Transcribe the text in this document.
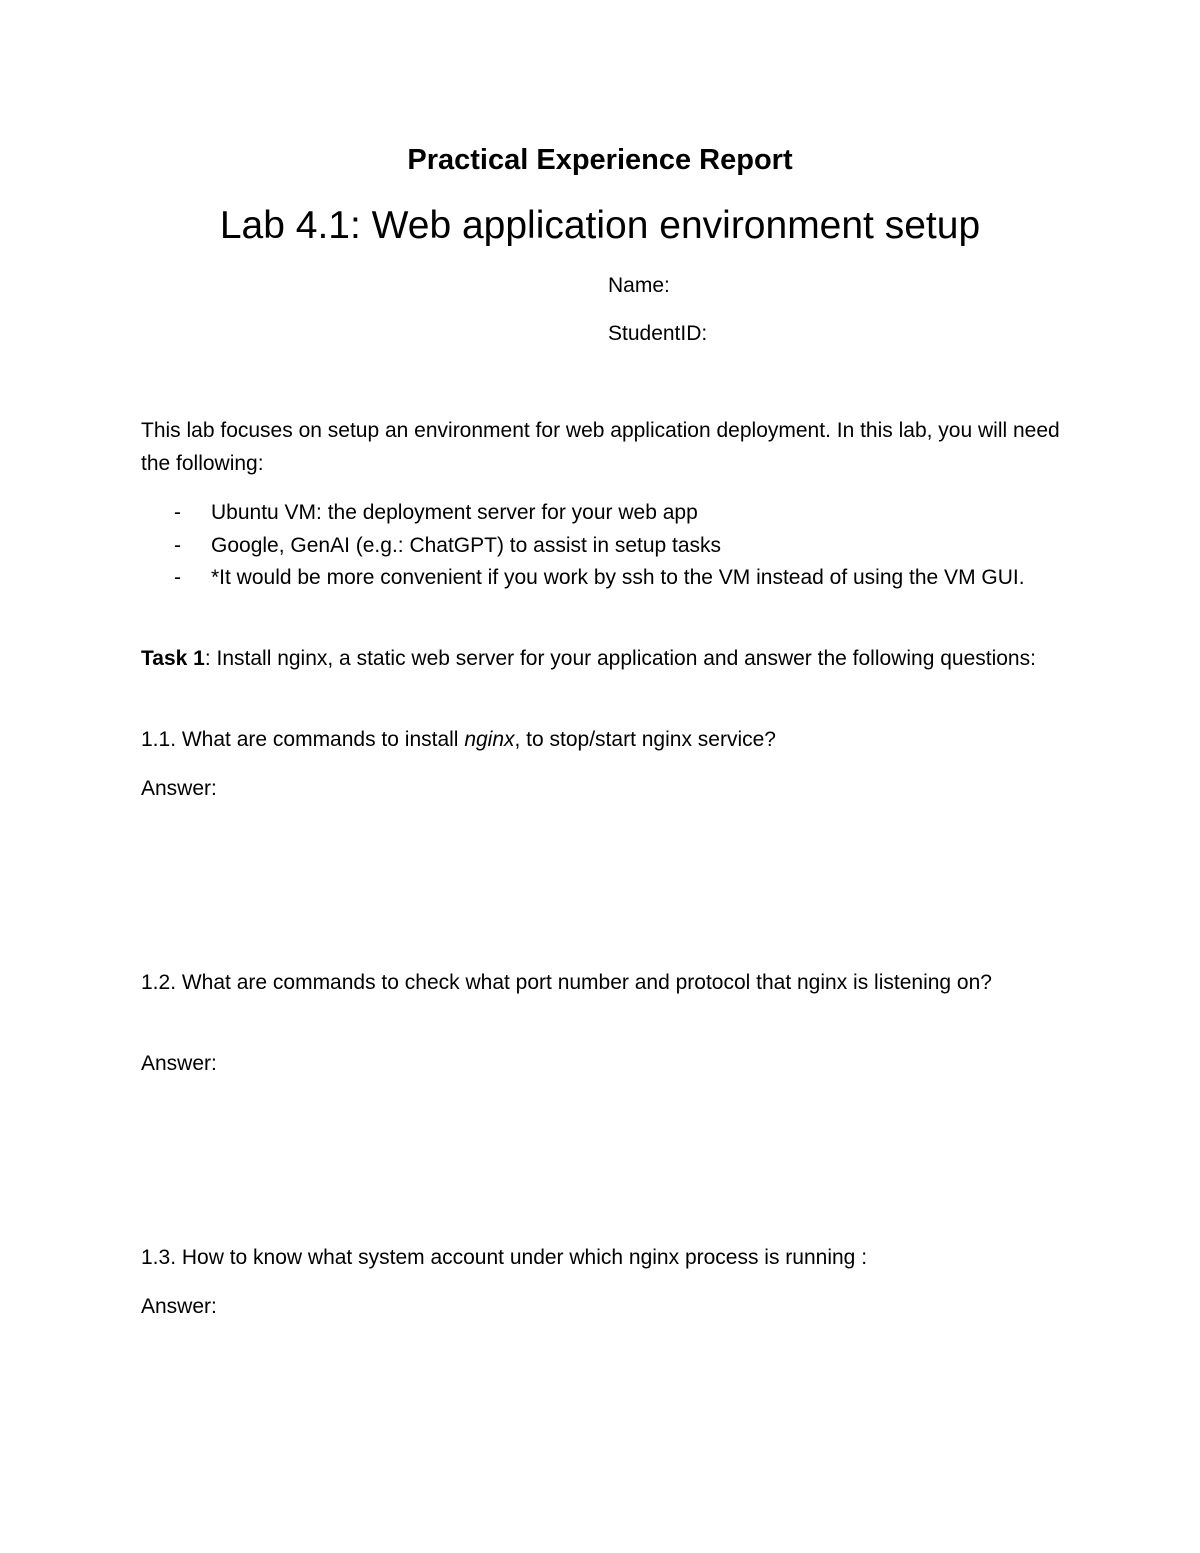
Practical Experience Report
Lab 4.1: Web application environment setup
Name:
StudentID:
This lab focuses on setup an environment for web application deployment. In this lab, you will need the following:
- Ubuntu VM: the deployment server for your web app
- Google, GenAI (e.g.: ChatGPT) to assist in setup tasks
- *It would be more convenient if you work by ssh to the VM instead of using the VM GUI.
Task 1: Install nginx, a static web server for your application and answer the following questions:
1.1. What are commands to install nginx, to stop/start nginx service?
Answer:
1.2. What are commands to check what port number and protocol that nginx is listening on?
Answer:
1.3. How to know what system account under which nginx process is running :
Answer:
